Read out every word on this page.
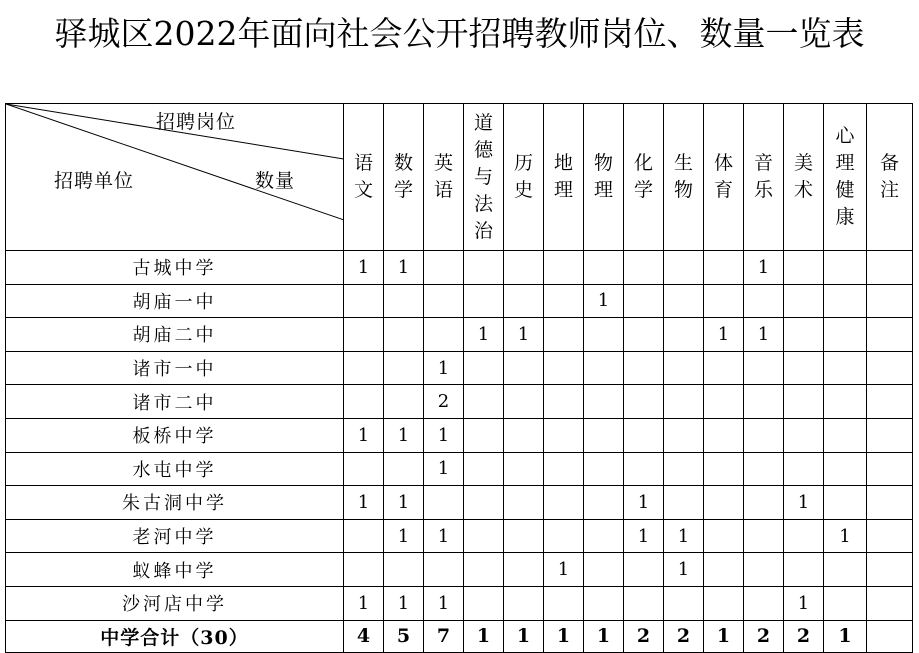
驿城区2022年面向社会公开招聘教师岗位、数量一览表
招聘岗位
招聘单位 数量	语文	数学	英语	道德与法治	历史	地理	物理	化学	生物	体育	音乐	美术	心理健康	备注
古城中学	1	1									1			
胡庙一中							1							
胡庙二中				1	1					1	1			
诸市一中			1											
诸市二中			2											
板桥中学	1	1	1											
水屯中学			1											
朱古洞中学	1	1						1				1		
老河中学		1	1					1	1				1	
蚁蜂中学						1			1					
沙河店中学	1	1	1									1		
中学合计（30）	4	5	7	1	1	1	1	2	2	1	2	2	1	
